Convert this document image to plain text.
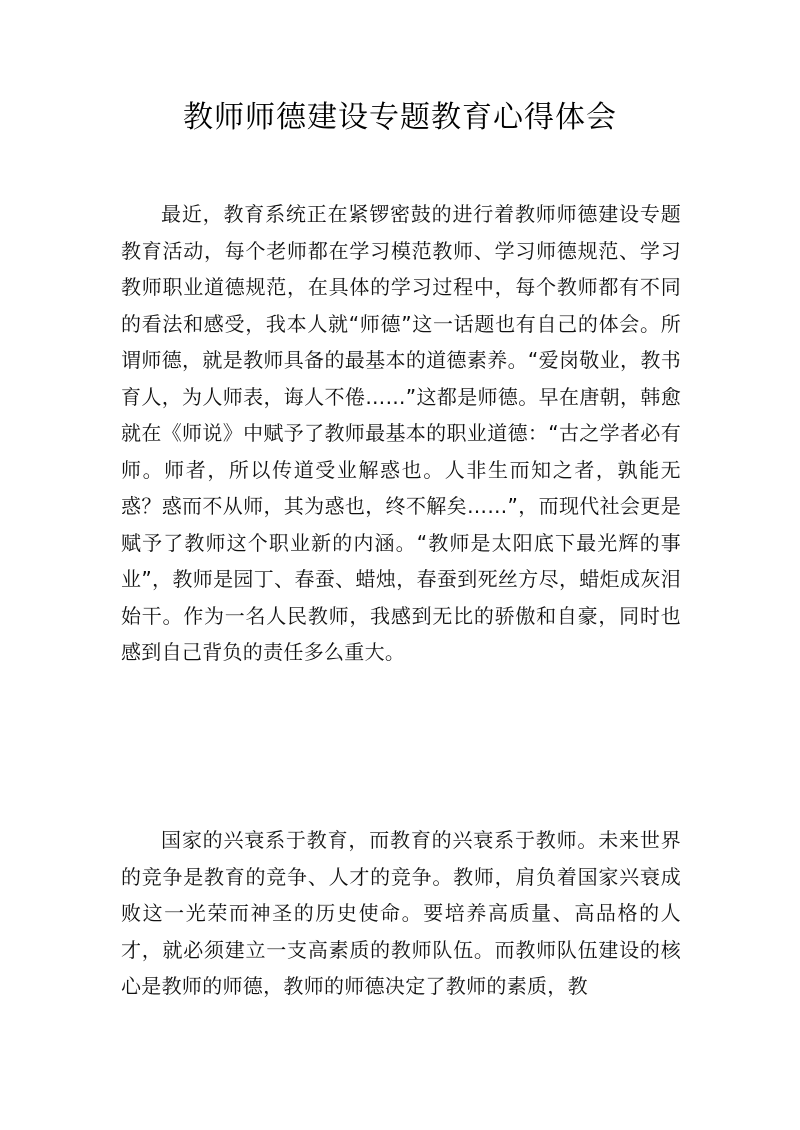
教师师德建设专题教育心得体会

最近，教育系统正在紧锣密鼓的进行着教师师德建设专题教育活动，每个老师都在学习模范教师、学习师德规范、学习教师职业道德规范，在具体的学习过程中，每个教师都有不同的看法和感受，我本人就“师德”这一话题也有自己的体会。所谓师德，就是教师具备的最基本的道德素养。“爱岗敬业，教书育人，为人师表，诲人不倦……”这都是师德。早在唐朝，韩愈就在《师说》中赋予了教师最基本的职业道德：“古之学者必有师。师者，所以传道受业解惑也。人非生而知之者，孰能无惑？惑而不从师，其为惑也，终不解矣……”，而现代社会更是赋予了教师这个职业新的内涵。“教师是太阳底下最光辉的事业”，教师是园丁、春蚕、蜡烛，春蚕到死丝方尽，蜡炬成灰泪始干。作为一名人民教师，我感到无比的骄傲和自豪，同时也感到自己背负的责任多么重大。

国家的兴衰系于教育，而教育的兴衰系于教师。未来世界的竞争是教育的竞争、人才的竞争。教师，肩负着国家兴衰成败这一光荣而神圣的历史使命。要培养高质量、高品格的人才，就必须建立一支高素质的教师队伍。而教师队伍建设的核心是教师的师德，教师的师德决定了教师的素质，教
